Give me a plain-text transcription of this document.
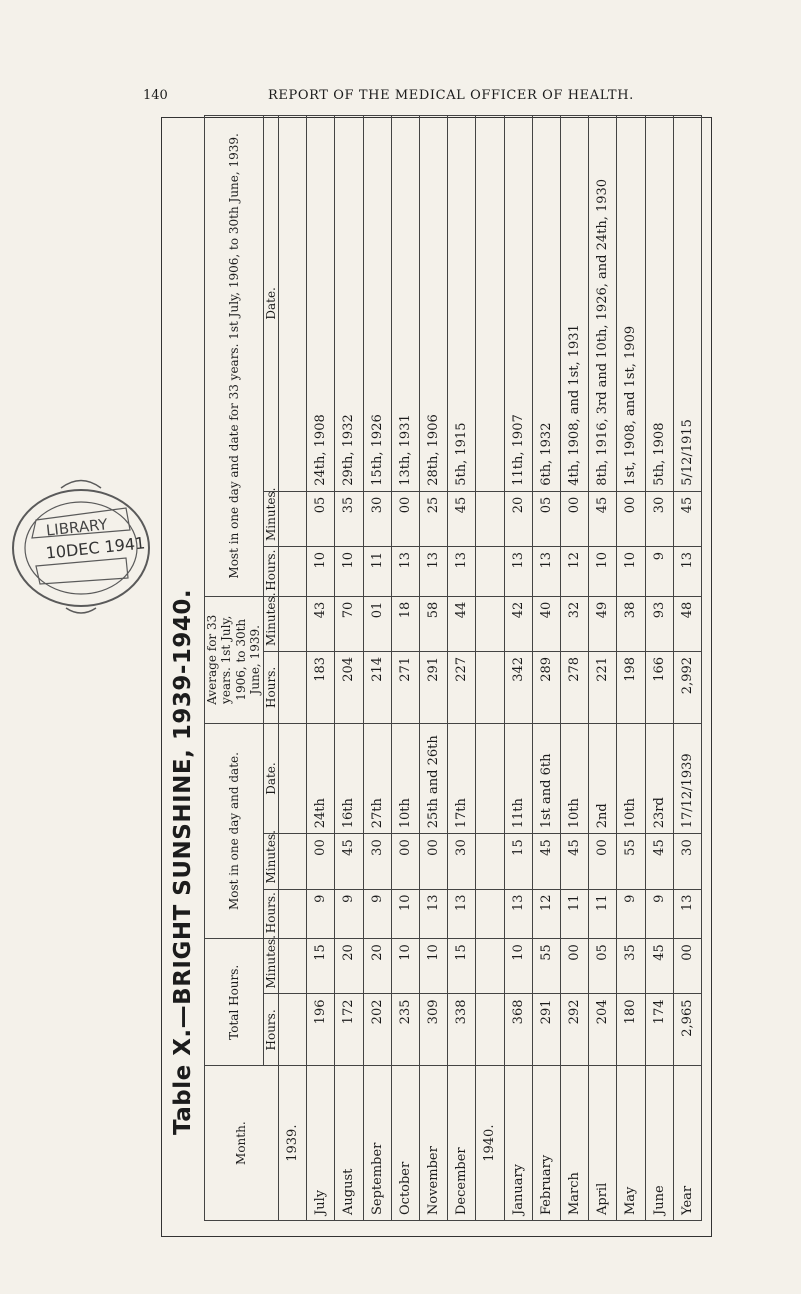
140	REPORT OF THE MEDICAL OFFICER OF HEALTH.
LIBRARY
10DEC 1941
Table X.—BRIGHT SUNSHINE, 1939-1940.
Month.	Total Hours.		Most in one day and date.			Average for 33 years. 1st July, 1906, to 30th June, 1939.		Most in one day and date for 33 years. 1st July, 1906, to 30th June, 1939.		
	Hours.	Minutes.	Hours.	Minutes.	Date.	Hours.	Minutes.	Hours.	Minutes.	Date.
1939.										
July	196	15	9	00	24th	183	43	10	05	24th, 1908
August	172	20	9	45	16th	204	70	10	35	29th, 1932
September	202	20	9	30	27th	214	01	11	30	15th, 1926
October	235	10	10	00	10th	271	18	13	00	13th, 1931
November	309	10	13	00	25th and 26th	291	58	13	25	28th, 1906
December	338	15	13	30	17th	227	44	13	45	5th, 1915
1940.										
January	368	10	13	15	11th	342	42	13	20	11th, 1907
February	291	55	12	45	1st and 6th	289	40	13	05	6th, 1932
March	292	00	11	45	10th	278	32	12	00	4th, 1908, and 1st, 1931
April	204	05	11	00	2nd	221	49	10	45	8th, 1916, 3rd and 10th, 1926, and 24th, 1930
May	180	35	9	55	10th	198	38	10	00	1st, 1908, and 1st, 1909
June	174	45	9	45	23rd	166	93	9	30	5th, 1908
Year	2,965	00	13	30	17/12/1939	2,992	48	13	45	5/12/1915
